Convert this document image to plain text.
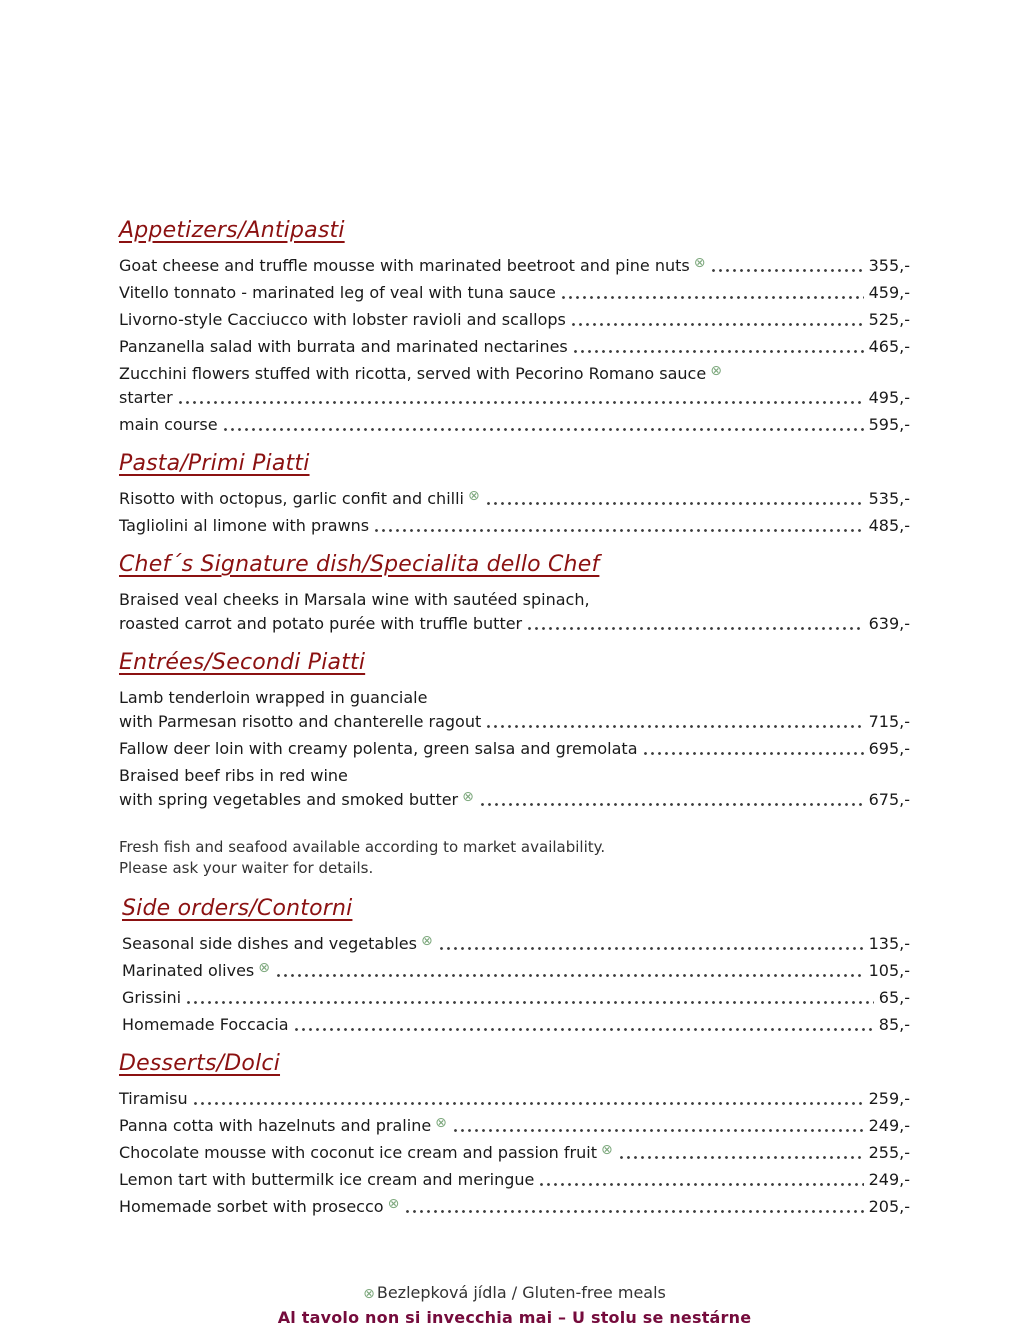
Appetizers/Antipasti
Goat cheese and truffle mousse with marinated beetroot and pine nuts ⊗	355,-
Vitello tonnato - marinated leg of veal with tuna sauce	459,-
Livorno-style Cacciucco with lobster ravioli and scallops	525,-
Panzanella salad with burrata and marinated nectarines	465,-
Zucchini flowers stuffed with ricotta, served with Pecorino Romano sauce ⊗
starter	495,-
main course	595,-
Pasta/Primi Piatti
Risotto with octopus, garlic confit and chilli ⊗	535,-
Tagliolini al limone with prawns	485,-
Chef´s Signature dish/Specialita dello Chef
Braised veal cheeks in Marsala wine with sautéed spinach,
roasted carrot and potato purée with truffle butter	639,-
Entrées/Secondi Piatti
Lamb tenderloin wrapped in guanciale
with Parmesan risotto and chanterelle ragout	715,-
Fallow deer loin with creamy polenta, green salsa and gremolata	695,-
Braised beef ribs in red wine
with spring vegetables and smoked butter ⊗	675,-
Fresh fish and seafood available according to market availability.
Please ask your waiter for details.
Side orders/Contorni
Seasonal side dishes and vegetables ⊗	135,-
Marinated olives ⊗	105,-
Grissini	65,-
Homemade Foccacia	85,-
Desserts/Dolci
Tiramisu	259,-
Panna cotta with hazelnuts and praline ⊗	249,-
Chocolate mousse with coconut ice cream and passion fruit ⊗	255,-
Lemon tart with buttermilk ice cream and meringue	249,-
Homemade sorbet with prosecco ⊗	205,-
⊗ Bezlepková jídla / Gluten-free meals
Al tavolo non si invecchia mai – U stolu se nestárne
